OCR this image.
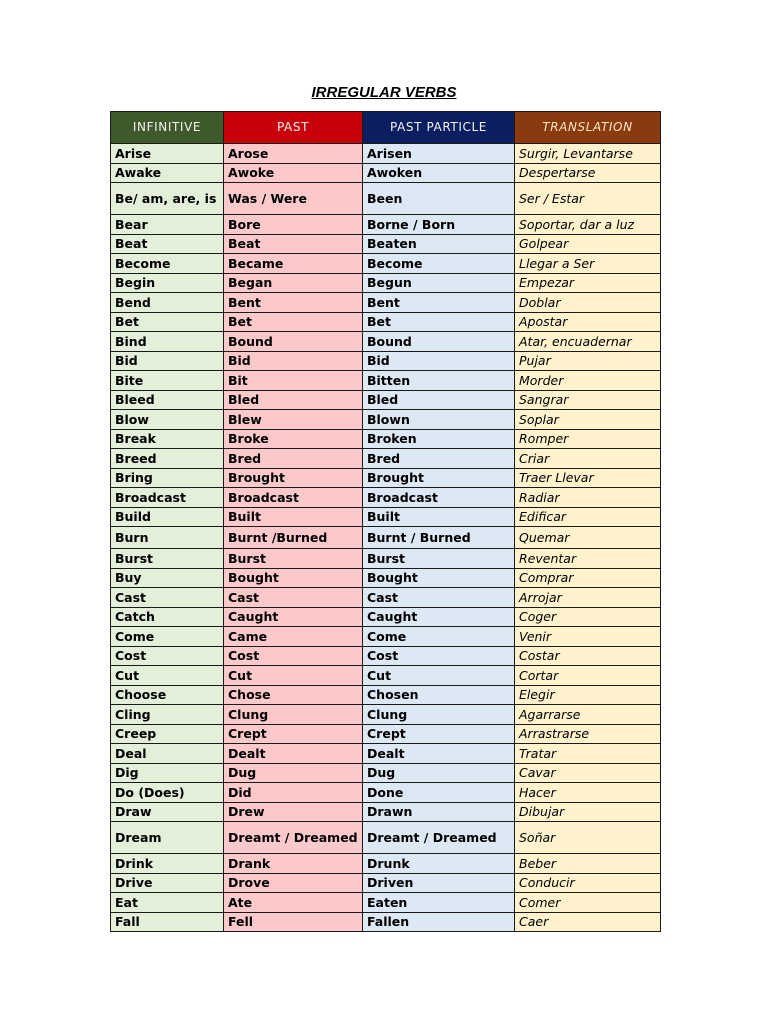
IRREGULAR VERBS
INFINITIVE	PAST	PAST PARTICLE	TRANSLATION
Arise	Arose	Arisen	Surgir, Levantarse
Awake	Awoke	Awoken	Despertarse
Be/ am, are, is	Was / Were	Been	Ser / Estar
Bear	Bore	Borne / Born	Soportar, dar a luz
Beat	Beat	Beaten	Golpear
Become	Became	Become	Llegar a Ser
Begin	Began	Begun	Empezar
Bend	Bent	Bent	Doblar
Bet	Bet	Bet	Apostar
Bind	Bound	Bound	Atar, encuadernar
Bid	Bid	Bid	Pujar
Bite	Bit	Bitten	Morder
Bleed	Bled	Bled	Sangrar
Blow	Blew	Blown	Soplar
Break	Broke	Broken	Romper
Breed	Bred	Bred	Criar
Bring	Brought	Brought	Traer Llevar
Broadcast	Broadcast	Broadcast	Radiar
Build	Built	Built	Edificar
Burn	Burnt /Burned	Burnt / Burned	Quemar
Burst	Burst	Burst	Reventar
Buy	Bought	Bought	Comprar
Cast	Cast	Cast	Arrojar
Catch	Caught	Caught	Coger
Come	Came	Come	Venir
Cost	Cost	Cost	Costar
Cut	Cut	Cut	Cortar
Choose	Chose	Chosen	Elegir
Cling	Clung	Clung	Agarrarse
Creep	Crept	Crept	Arrastrarse
Deal	Dealt	Dealt	Tratar
Dig	Dug	Dug	Cavar
Do (Does)	Did	Done	Hacer
Draw	Drew	Drawn	Dibujar
Dream	Dreamt / Dreamed	Dreamt / Dreamed	Soñar
Drink	Drank	Drunk	Beber
Drive	Drove	Driven	Conducir
Eat	Ate	Eaten	Comer
Fall	Fell	Fallen	Caer
